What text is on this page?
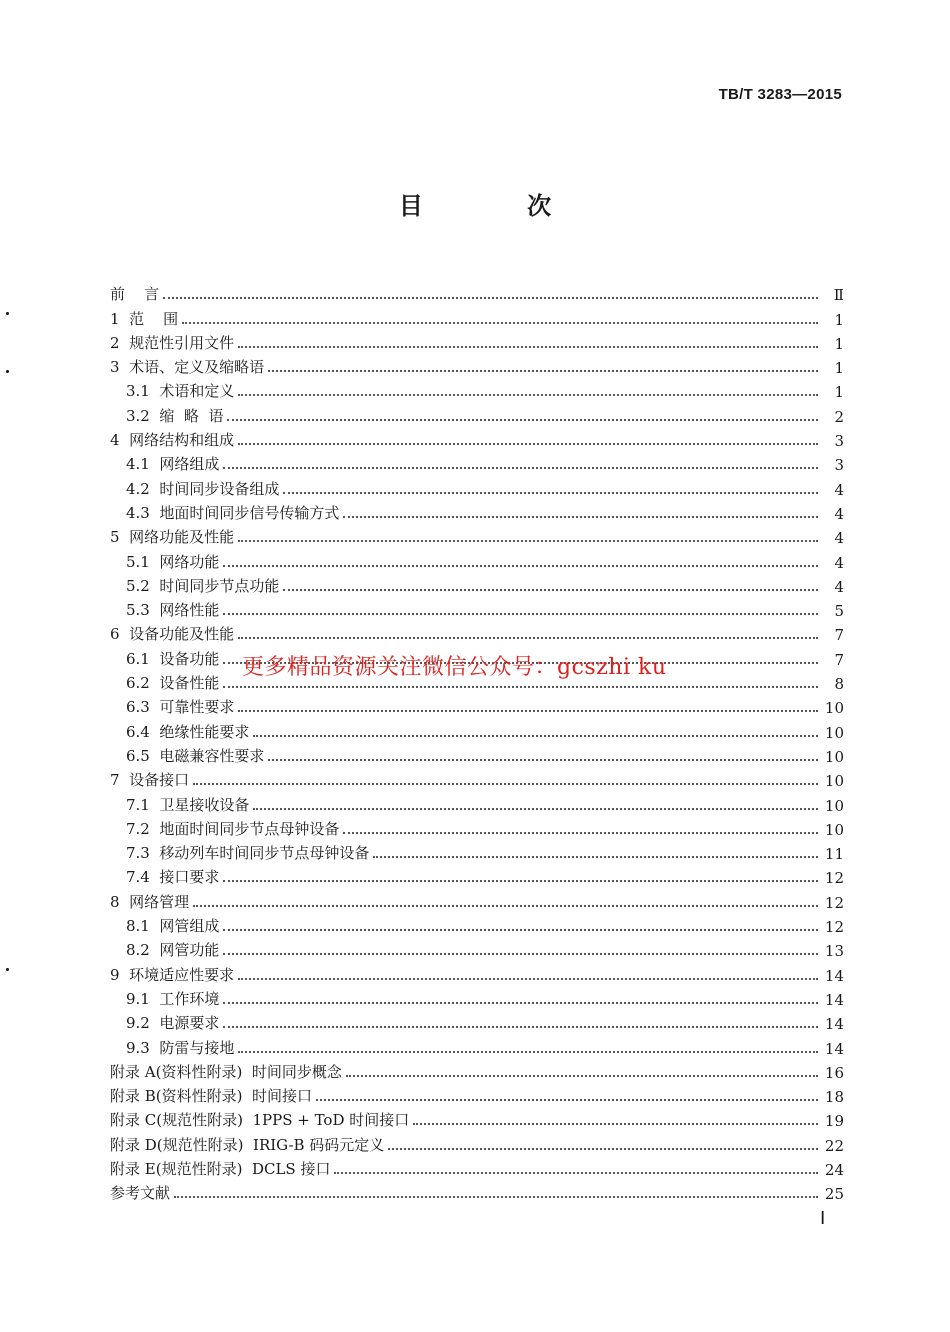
TB/T 3283—2015
目 次
前    言	Ⅱ
1  范    围	1
2  规范性引用文件	1
3  术语、定义及缩略语	1
3.1  术语和定义	1
3.2  缩  略  语	2
4  网络结构和组成	3
4.1  网络组成	3
4.2  时间同步设备组成	4
4.3  地面时间同步信号传输方式	4
5  网络功能及性能	4
5.1  网络功能	4
5.2  时间同步节点功能	4
5.3  网络性能	5
6  设备功能及性能	7
6.1  设备功能	7
6.2  设备性能	8
6.3  可靠性要求	10
6.4  绝缘性能要求	10
6.5  电磁兼容性要求	10
7  设备接口	10
7.1  卫星接收设备	10
7.2  地面时间同步节点母钟设备	10
7.3  移动列车时间同步节点母钟设备	11
7.4  接口要求	12
8  网络管理	12
8.1  网管组成	12
8.2  网管功能	13
9  环境适应性要求	14
9.1  工作环境	14
9.2  电源要求	14
9.3  防雷与接地	14
附录 A(资料性附录)  时间同步概念	16
附录 B(资料性附录)  时间接口	18
附录 C(规范性附录)  1PPS + ToD 时间接口	19
附录 D(规范性附录)  IRIG-B 码码元定义	22
附录 E(规范性附录)  DCLS 接口	24
参考文献	25
更多精品资源关注微信公众号：gcszhi ku
Ⅰ
